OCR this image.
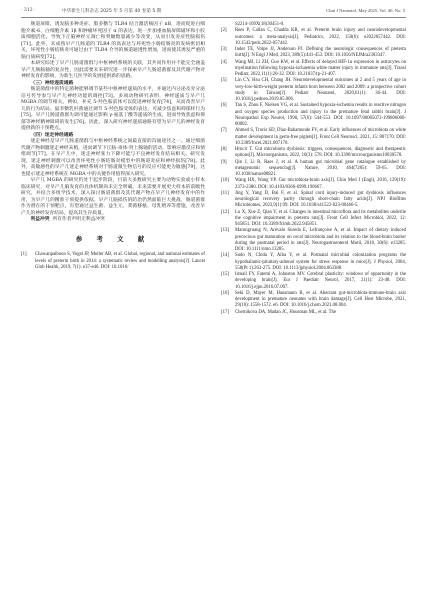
· 312 ·	中华新生儿科杂志 2025 年 5 月第 40 卷第 5 期	Chin J Neonatol, May 2025, Vol. 40, No. 5

肠道屏障，诱发脑多种炎症。脂多糖与 TLR4 结合激活核因子 κB，进而促进白细胞介素-6、白细胞介素 1β 和肿瘤坏死因子 α 的表达，进一步加重血脑屏障破坏和小胶质细胞活化，导致下丘脑神经元凋亡和突触数量减少等改变，从而引发炎症性脑损伤[71]。此外，未成熟早产儿肠道的 TLR4 的高表达与坏死性小肠结肠炎的发病密切相关，坏死性小肠结肠炎可通过由于 TLR4 介导的肠道通透性增加，进而使其诱发严重的脑白质病变[72]。

本研究综述了早产儿肠道菌群与中枢神经系统的关联，其共同作用并不能完全涵盖早产儿肠脑轴的复杂性，因此需要未来研究进一步探索早产儿肠道菌群及其代谢产物对神经发育的影响，为新生儿医学的发展提供新的思路。

（三）神经递质通路

肠道菌群中的特定菌种能够调节某些中枢神经递质的水平，并通过内分泌及旁分泌信号传导参与早产儿神经功能的调控[73]。多项动物研究表明，神经递质与早产儿 MGBA 的调节相关。例如，补充 5-羟色胺前体可以促进神经发育[74]，从而改善早产儿的行为结局。鼠李糖乳杆菌通过调节 5-羟色胺受体的表达，可减少焦虑和抑郁样行为[75]。早产儿肠道菌群失调可能通过影响 γ-氨基丁酸等递质的生成，进而导致焦虑和抑郁等神经精神障碍的发生[76]。因此，深入研究神经递质通路有望为早产儿的神经发育提供新的干预靶点。

（四）迷走神经通路

迷走神经是早产儿肠道菌群与中枢神经系统之间最直接的沟通途径之一。通过细菌代谢产物刺激迷走神经末梢，进而调节下丘脑-垂体-肾上腺轴的活动，影响应激反应和情绪调节[77]。在早产儿中，迷走神经张力下降可能与不良神经发育结局相关。研究发现，迷走神经刺激可以改善坏死性小肠结肠炎模型中的肠道炎症和神经损伤[78]。此外，高敏感性的早产儿迷走神经系统对于肠道微生物信号的反应可能更为敏感[79]，这也提示迷走神经系统在 MGBA 中的关键作用值得深入研究。

早产儿 MGBA 的研究仍处于起步阶段，目前大多数研究主要为动物实验或小样本临床研究，对早产儿脑发育的具体机制尚未完全明确。未来需要开展更大样本的前瞻性研究，并结合多组学技术，深入探讨肠道菌群及其代谢产物在早产儿神经发育中的作用，为早产儿的精准干预提供依据。早产儿脑损伤的防治仍然面临巨大挑战，肠道菌群作为潜在的干预靶点，有望通过益生菌、益生元、粪菌移植、母乳喂养等措施，改善早产儿的神经发育结局，提高其生存质量。

利益冲突 所有作者声明无利益冲突

参 考 文 献
[1]	Chawanpaiboon S, Vogel JP, Moller AB, et al. Global, regional, and national estimates of levels of preterm birth in 2014: a systematic review and modelling analysis[J]. Lancet Glob Health, 2019, 7(1): e37-e46. DOI: 10.1016/
S2214-109X(18)30451-0.
[2]	Rees P, Callan C, Chadda KR, et al. Preterm brain injury and neurodevelopmental outcomes: a meta-analysis[J]. Pediatrics, 2022, 150(6): e2022057442. DOI: 10.1542/peds.2022-057442.
[3]	Inder TE, Volpe JJ, Anderson PJ. Defining the neurologic consequences of preterm birth[J]. N Engl J Med, 2023, 389(5):441-453. DOI: 10.1056/NEJMra2303347.
[4]	Wang MJ, Li ZH, Guo KW, et al. Effects of delayed HIF-1α expression in astrocytes on myelination following hypoxia-ischaemia white matter injury in immature rats[J]. Transl Pediatr, 2022,11(1):20-32. DOI: 10.21037/tp-21-407.
[5]	Lin CY, Hsu CH, Chang JH. Neurodevelopmental outcomes at 2 and 5 years of age in very-low-birth-weight preterm infants born between 2002 and 2009: a prospective cohort study in Taiwan[J]. Pediatr Neonatol, 2020,61(1): 36-44. DOI: 10.1016/j.pedneo.2019.05.006.
[6]	Tan S, Zhou F, Nielsen VG, et al. Sustained hypoxia-ischemia results in reactive nitrogen and oxygen species production and injury in the premature fetal rabbit brain[J]. J Neuropathol Exp Neurol, 1998, 57(6): 544-553. DOI: 10.1097/00005072-199806000-00002.
[7]	Ahmed S, Travis SD, Díaz-Bahamonde FV, et al. Early influences of microbiota on white matter development in germ-free piglets[J]. Front Cell Neurosci, 2021, 15: 807170. DOI: 10.3389/fncel.2021.807170.
[8]	Hrncir T. Gut microbiota dysbiosis: triggers, consequences, diagnostic and therapeutic options[J]. Microorganisms, 2022, 10(3): 578. DOI: 10.3390/microorganisms10030578.
[9]	Qin J, Li R, Raes J, et al. A human gut microbial gene catalogue established by metagenomic sequencing[J]. Nature, 2010, 464(7285): 59-65. DOI: 10.1038/nature08821.
[10]	Wang HX, Wang YP. Gut microbiota-brain axis[J]. Chin Med J (Engl), 2016, 129(19): 2373-2380. DOI: 10.4103/0366-6999.190667.
[11]	Jing Y, Yang D, Bai F, et al. Spinal cord injury-induced gut dysbiosis influences neurological recovery partly through short-chain fatty acids[J]. NPJ Biofilms Microbiomes, 2023,9(1):99. DOI: 10.1038/s41522-023-00466-5.
[12]	Lu X, Xue Z, Qian Y, et al. Changes in intestinal microflora and its metabolites underlie the cognitive impairment in preterm rats[J]. Front Cell Infect Microbiol, 2022, 12: 945851. DOI: 10.3389/fcimb.2022.945851.
[13]	Marungruang N, Arévalo Sureda E, Lefrançoise A, et al. Impact of dietary induced precocious gut maturation on cecal microbiota and its relation to the blood-brain barrier during the postnatal period in rats[J]. Neurogastroenterol Motil, 2018, 30(6): e13285. DOI: 10.1111/nmo.13285.
[14]	Sudo N, Chida Y, Aiba Y, et al. Postnatal microbial colonization programs the hypothalamic-pituitary-adrenal system for stress response in mice[J]. J Physiol, 2004, 558(Pt 1):263-275. DOI: 10.1113/jphysiol.2004.063388.
[15]	Ismail FY, Fatemi A, Johnston MV. Cerebral plasticity: windows of opportunity in the developing brain[J]. Eur J Paediatr Neurol, 2017, 21(1): 23-48. DOI: 10.1016/j.ejpn.2016.07.007.
[16]	Seki D, Mayer M, Hausmann B, et al. Aberrant gut-microbiota-immune-brain axis development in premature neonates with brain damage[J]. Cell Host Microbe, 2021, 29(10): 1558-1572. e6. DOI: 10.1016/j.chom.2021.08.004.
[17]	Chernikova DA, Madan JC, Housman ML, et al. The
